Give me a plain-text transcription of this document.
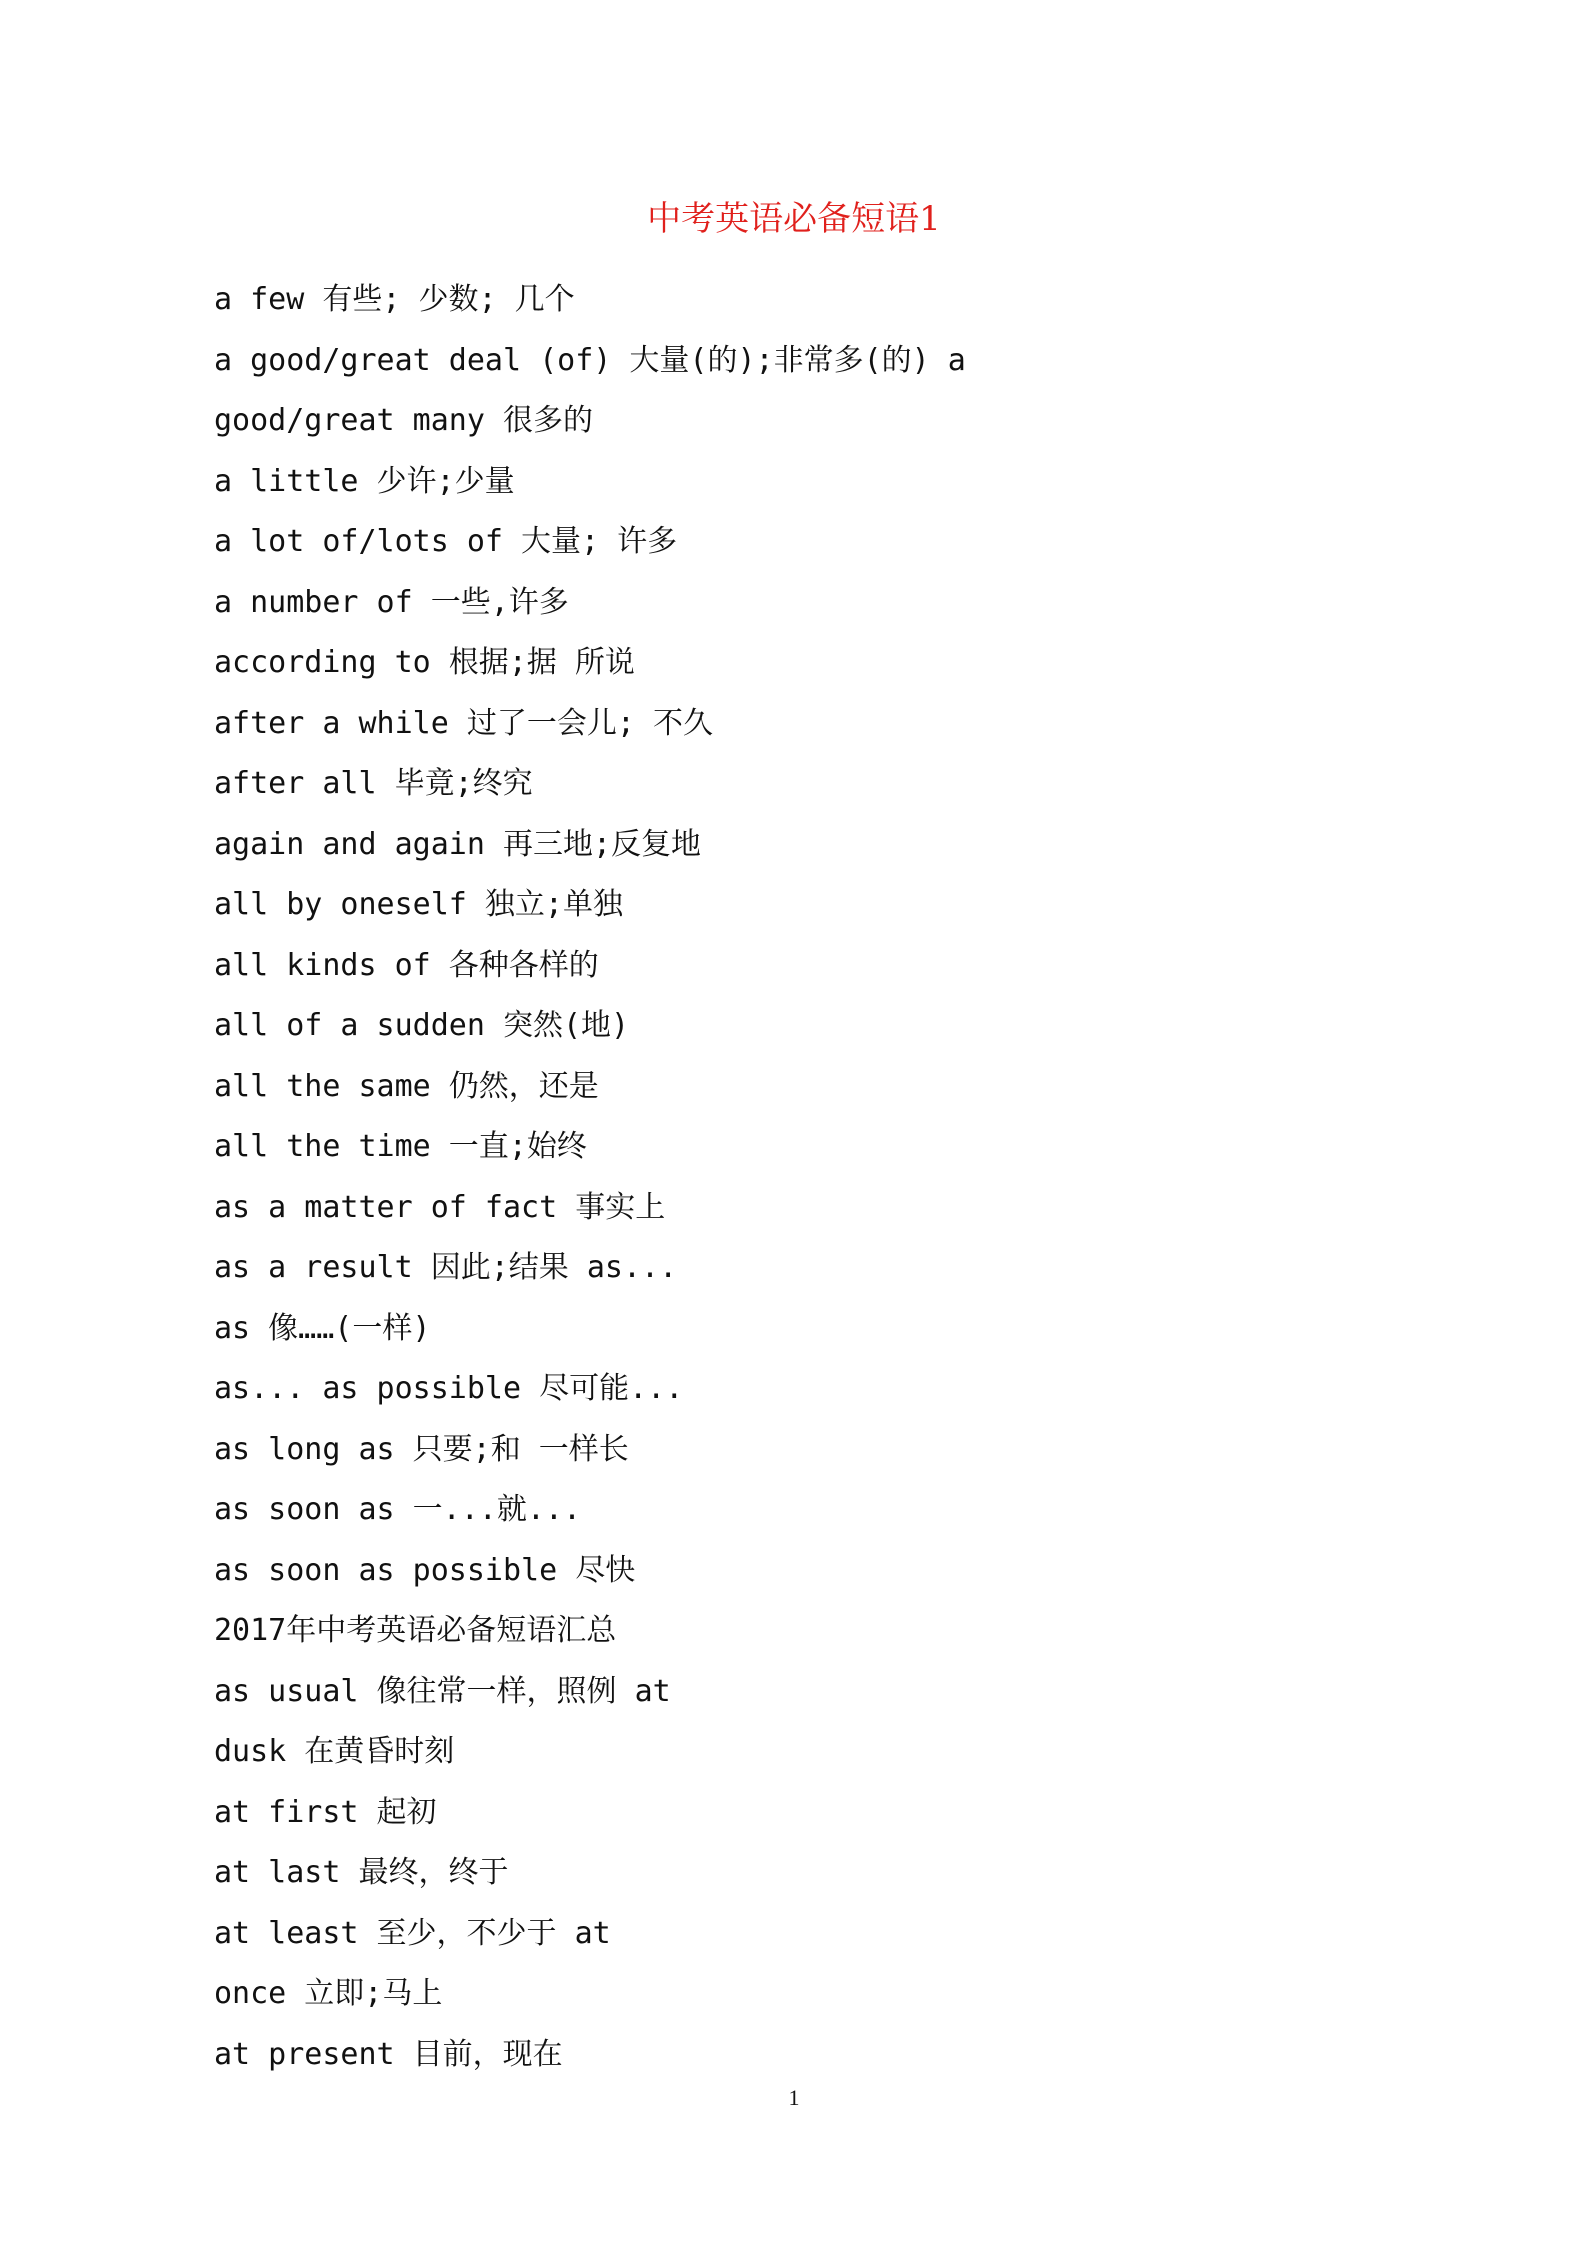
中考英语必备短语1
a few 有些; 少数; 几个
a good/great deal (of) 大量(的);非常多(的) a
good/great many 很多的
a little 少许;少量
a lot of/lots of 大量; 许多
a number of 一些,许多
according to 根据;据 所说
after a while 过了一会儿; 不久
after all 毕竟;终究
again and again 再三地;反复地
all by oneself 独立;单独
all kinds of 各种各样的
all of a sudden 突然(地)
all the same 仍然，还是
all the time 一直;始终
as a matter of fact 事实上
as a result 因此;结果 as...
as 像……(一样)
as... as possible 尽可能...
as long as 只要;和 一样长
as soon as 一...就...
as soon as possible 尽快
2017年中考英语必备短语汇总
as usual 像往常一样，照例 at
dusk 在黄昏时刻
at first 起初
at last 最终，终于
at least 至少，不少于 at
once 立即;马上
at present 目前，现在
1
